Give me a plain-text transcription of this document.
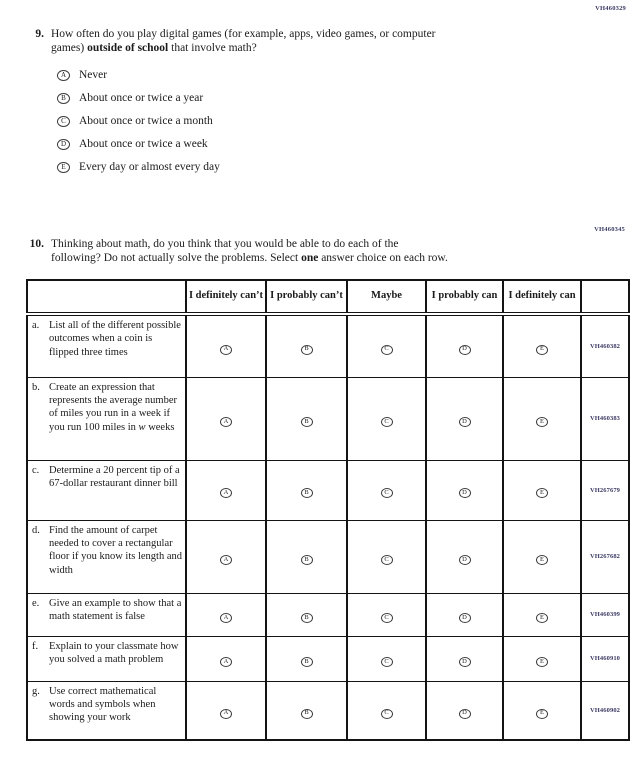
VH460329
VH460345
9. How often do you play digital games (for example, apps, video games, or computer
games) outside of school that involve math?
A	Never
B	About once or twice a year
C	About once or twice a month
D	About once or twice a week
E	Every day or almost every day
10. Thinking about math, do you think that you would be able to do each of the
following? Do not actually solve the problems. Select one answer choice on each row.
	I definitely can’t	I probably can’t	Maybe	I probably can	I definitely can	

a. List all of the different possible outcomes when a coin is flipped three times	A	B	C	D	E	VH460382

b. Create an expression that represents the average number of miles you run in a week if you run 100 miles in w weeks	A	B	C	D	E	VH460383

c. Determine a 20 percent tip of a 67-dollar restaurant dinner bill	A	B	C	D	E	VH267679

d. Find the amount of carpet needed to cover a rectangular floor if you know its length and width	A	B	C	D	E	VH267682

e. Give an example to show that a math statement is false	A	B	C	D	E	VH460399

f. Explain to your classmate how you solved a math problem	A	B	C	D	E	VH460910

g. Use correct mathematical words and symbols when showing your work	A	B	C	D	E	VH460902
